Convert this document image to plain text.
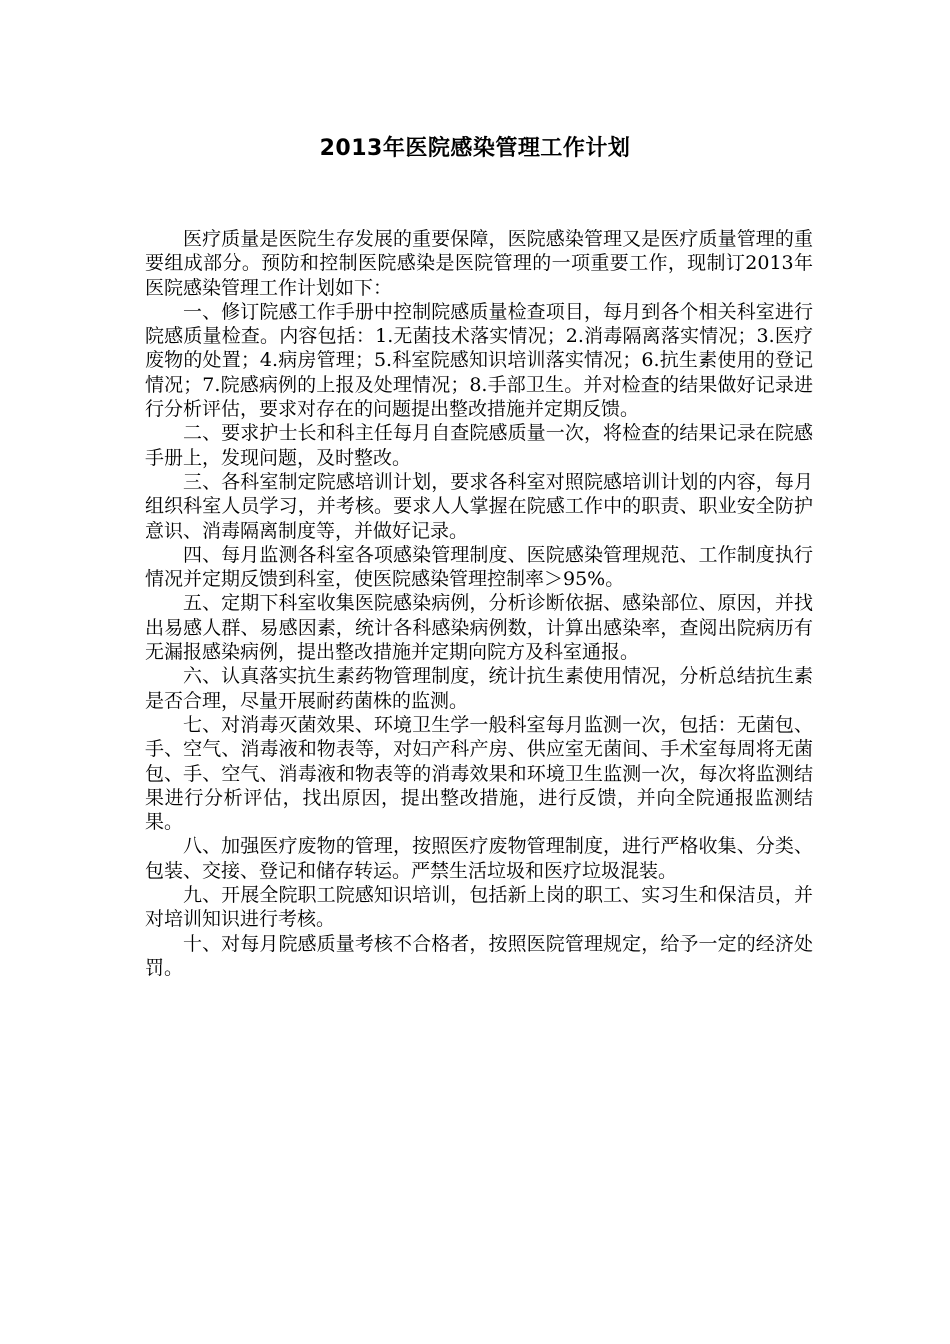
2013年医院感染管理工作计划

医疗质量是医院生存发展的重要保障，医院感染管理又是医疗质量管理的重要组成部分。预防和控制医院感染是医院管理的一项重要工作，现制订2013年医院感染管理工作计划如下：

一、修订院感工作手册中控制院感质量检查项目，每月到各个相关科室进行院感质量检查。内容包括：1.无菌技术落实情况；2.消毒隔离落实情况；3.医疗废物的处置；4.病房管理；5.科室院感知识培训落实情况；6.抗生素使用的登记情况；7.院感病例的上报及处理情况；8.手部卫生。并对检查的结果做好记录进行分析评估，要求对存在的问题提出整改措施并定期反馈。

二、要求护士长和科主任每月自查院感质量一次，将检查的结果记录在院感手册上，发现问题，及时整改。

三、各科室制定院感培训计划，要求各科室对照院感培训计划的内容，每月组织科室人员学习，并考核。要求人人掌握在院感工作中的职责、职业安全防护意识、消毒隔离制度等，并做好记录。

四、每月监测各科室各项感染管理制度、医院感染管理规范、工作制度执行情况并定期反馈到科室，使医院感染管理控制率＞95%。

五、定期下科室收集医院感染病例，分析诊断依据、感染部位、原因，并找出易感人群、易感因素，统计各科感染病例数，计算出感染率，查阅出院病历有无漏报感染病例，提出整改措施并定期向院方及科室通报。

六、认真落实抗生素药物管理制度，统计抗生素使用情况，分析总结抗生素是否合理，尽量开展耐药菌株的监测。

七、对消毒灭菌效果、环境卫生学一般科室每月监测一次，包括：无菌包、手、空气、消毒液和物表等，对妇产科产房、供应室无菌间、手术室每周将无菌包、手、空气、消毒液和物表等的消毒效果和环境卫生监测一次，每次将监测结果进行分析评估，找出原因，提出整改措施，进行反馈，并向全院通报监测结果。

八、加强医疗废物的管理，按照医疗废物管理制度，进行严格收集、分类、包装、交接、登记和储存转运。严禁生活垃圾和医疗垃圾混装。

九、开展全院职工院感知识培训，包括新上岗的职工、实习生和保洁员，并对培训知识进行考核。

十、对每月院感质量考核不合格者，按照医院管理规定，给予一定的经济处罚。
